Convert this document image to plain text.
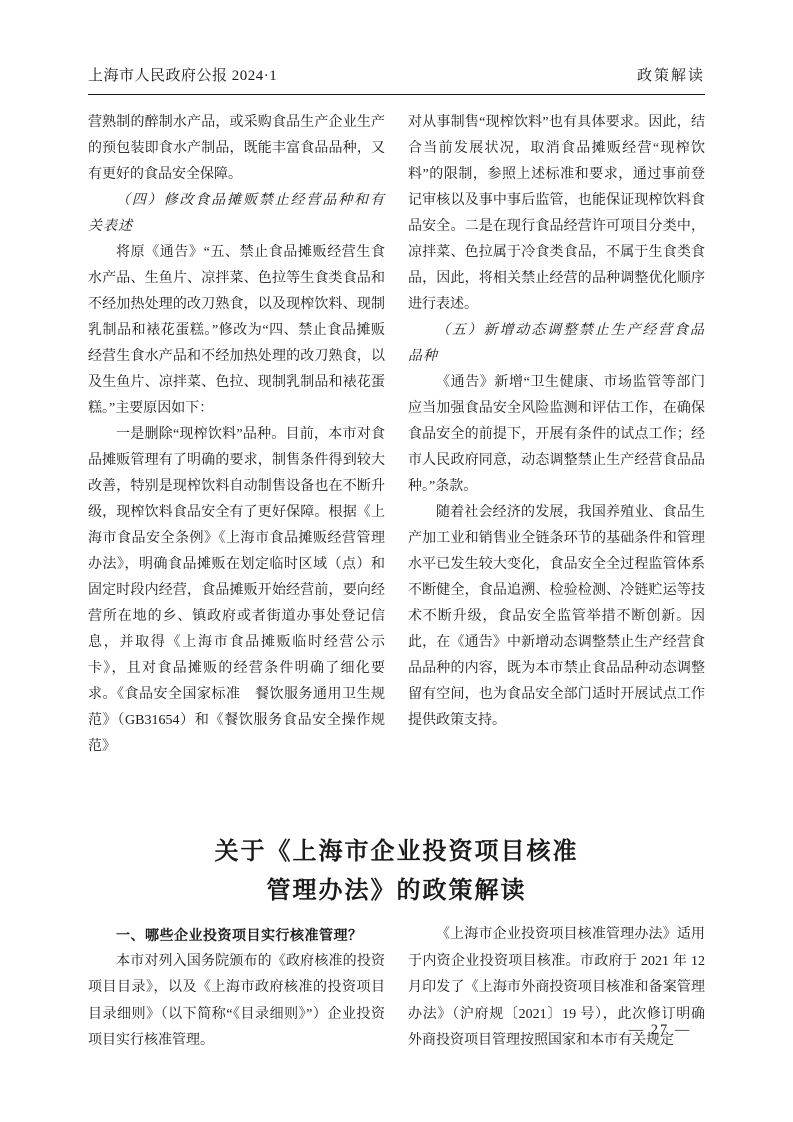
上海市人民政府公报 2024·1	政策解读

营熟制的醉制水产品，或采购食品生产企业生产的预包装即食水产制品，既能丰富食品品种，又有更好的食品安全保障。

（四）修改食品摊贩禁止经营品种和有关表述

将原《通告》“五、禁止食品摊贩经营生食水产品、生鱼片、凉拌菜、色拉等生食类食品和不经加热处理的改刀熟食，以及现榨饮料、现制乳制品和裱花蛋糕。”修改为“四、禁止食品摊贩经营生食水产品和不经加热处理的改刀熟食，以及生鱼片、凉拌菜、色拉、现制乳制品和裱花蛋糕。”主要原因如下：

一是删除“现榨饮料”品种。目前，本市对食品摊贩管理有了明确的要求，制售条件得到较大改善，特别是现榨饮料自动制售设备也在不断升级，现榨饮料食品安全有了更好保障。根据《上海市食品安全条例》《上海市食品摊贩经营管理办法》，明确食品摊贩在划定临时区域（点）和固定时段内经营，食品摊贩开始经营前，要向经营所在地的乡、镇政府或者街道办事处登记信息，并取得《上海市食品摊贩临时经营公示卡》，且对食品摊贩的经营条件明确了细化要求。《食品安全国家标准　餐饮服务通用卫生规范》（GB31654）和《餐饮服务食品安全操作规范》

对从事制售“现榨饮料”也有具体要求。因此，结合当前发展状况，取消食品摊贩经营“现榨饮料”的限制，参照上述标准和要求，通过事前登记审核以及事中事后监管，也能保证现榨饮料食品安全。二是在现行食品经营许可项目分类中，凉拌菜、色拉属于冷食类食品，不属于生食类食品，因此，将相关禁止经营的品种调整优化顺序进行表述。

（五）新增动态调整禁止生产经营食品品种

《通告》新增“卫生健康、市场监管等部门应当加强食品安全风险监测和评估工作，在确保食品安全的前提下，开展有条件的试点工作；经市人民政府同意，动态调整禁止生产经营食品品种。”条款。

随着社会经济的发展，我国养殖业、食品生产加工业和销售业全链条环节的基础条件和管理水平已发生较大变化，食品安全全过程监管体系不断健全，食品追溯、检验检测、冷链贮运等技术不断升级，食品安全监管举措不断创新。因此，在《通告》中新增动态调整禁止生产经营食品品种的内容，既为本市禁止食品品种动态调整留有空间，也为食品安全部门适时开展试点工作提供政策支持。

关于《上海市企业投资项目核准
管理办法》的政策解读

一、哪些企业投资项目实行核准管理？

本市对列入国务院颁布的《政府核准的投资项目目录》，以及《上海市政府核准的投资项目目录细则》（以下简称“《目录细则》”）企业投资项目实行核准管理。

《上海市企业投资项目核准管理办法》适用于内资企业投资项目核准。市政府于 2021 年 12 月印发了《上海市外商投资项目核准和备案管理办法》（沪府规〔2021〕19 号），此次修订明确外商投资项目管理按照国家和本市有关规定

— 27 —
